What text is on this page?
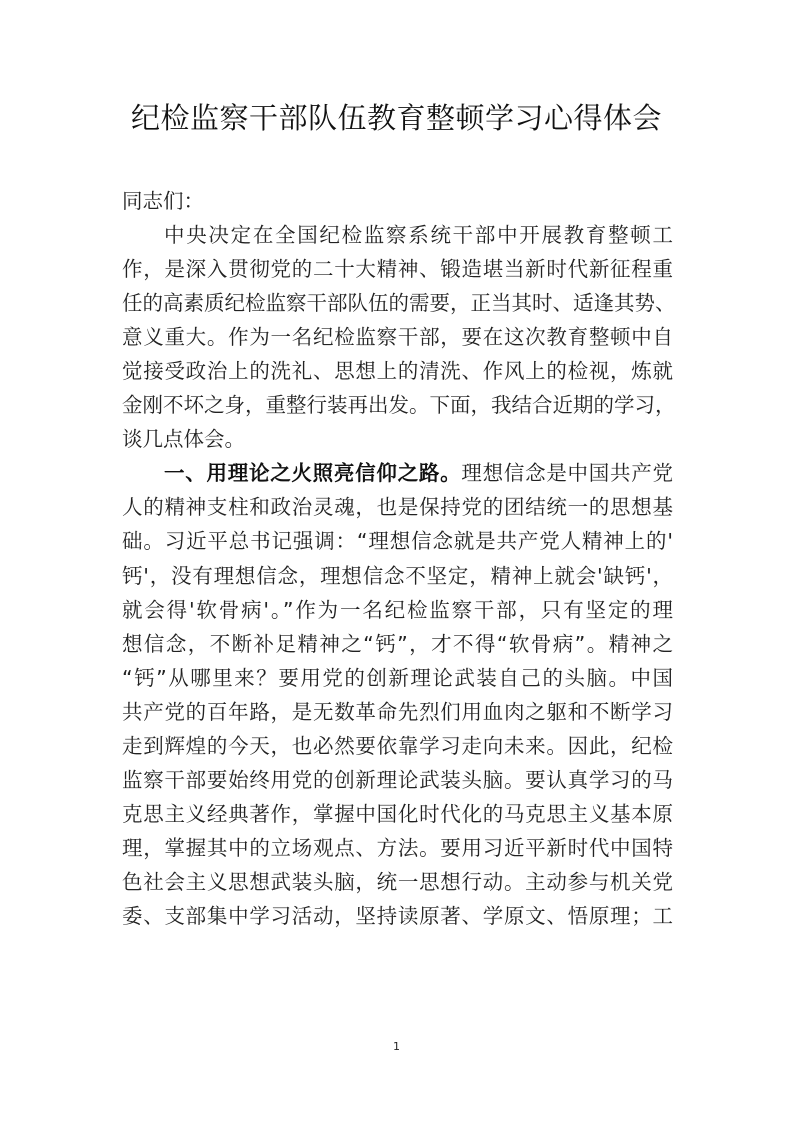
纪检监察干部队伍教育整顿学习心得体会
同志们：
中央决定在全国纪检监察系统干部中开展教育整顿工
作，是深入贯彻党的二十大精神、锻造堪当新时代新征程重
任的高素质纪检监察干部队伍的需要，正当其时、适逢其势、
意义重大。作为一名纪检监察干部，要在这次教育整顿中自
觉接受政治上的洗礼、思想上的清洗、作风上的检视，炼就
金刚不坏之身，重整行装再出发。下面，我结合近期的学习，
谈几点体会。
一、用理论之火照亮信仰之路。理想信念是中国共产党
人的精神支柱和政治灵魂，也是保持党的团结统一的思想基
础。习近平总书记强调：“理想信念就是共产党人精神上的'
钙'，没有理想信念，理想信念不坚定，精神上就会'缺钙'，
就会得'软骨病'。”作为一名纪检监察干部，只有坚定的理
想信念，不断补足精神之“钙”，才不得“软骨病”。精神之
“钙”从哪里来？要用党的创新理论武装自己的头脑。中国
共产党的百年路，是无数革命先烈们用血肉之躯和不断学习
走到辉煌的今天，也必然要依靠学习走向未来。因此，纪检
监察干部要始终用党的创新理论武装头脑。要认真学习的马
克思主义经典著作，掌握中国化时代化的马克思主义基本原
理，掌握其中的立场观点、方法。要用习近平新时代中国特
色社会主义思想武装头脑，统一思想行动。主动参与机关党
委、支部集中学习活动，坚持读原著、学原文、悟原理；工
1
